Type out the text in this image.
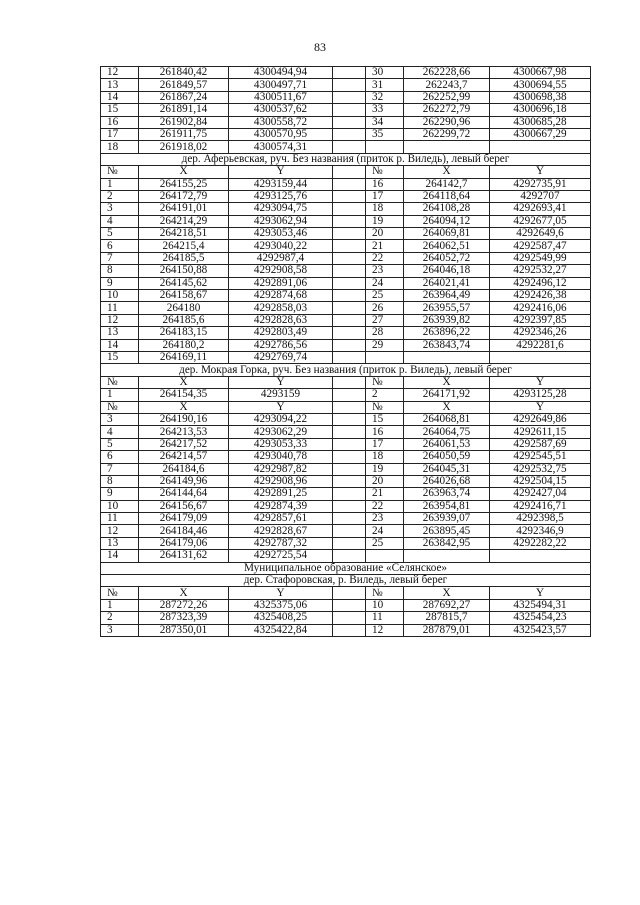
83
12	261840,42	4300494,94		30	262228,66	4300667,98
13	261849,57	4300497,71		31	262243,7	4300694,55
14	261867,24	4300511,67		32	262252,99	4300698,38
15	261891,14	4300537,62		33	262272,79	4300696,18
16	261902,84	4300558,72		34	262290,96	4300685,28
17	261911,75	4300570,95		35	262299,72	4300667,29
18	261918,02	4300574,31				
дер. Аферьевская, руч. Без названия (приток р. Виледь), левый берег						
№	X	Y		№	X	Y
1	264155,25	4293159,44		16	264142,7	4292735,91
2	264172,79	4293125,76		17	264118,64	4292707
3	264191,01	4293094,75		18	264108,28	4292693,41
4	264214,29	4293062,94		19	264094,12	4292677,05
5	264218,51	4293053,46		20	264069,81	4292649,6
6	264215,4	4293040,22		21	264062,51	4292587,47
7	264185,5	4292987,4		22	264052,72	4292549,99
8	264150,88	4292908,58		23	264046,18	4292532,27
9	264145,62	4292891,06		24	264021,41	4292496,12
10	264158,67	4292874,68		25	263964,49	4292426,38
11	264180	4292858,03		26	263955,57	4292416,06
12	264185,6	4292828,63		27	263939,82	4292397,85
13	264183,15	4292803,49		28	263896,22	4292346,26
14	264180,2	4292786,56		29	263843,74	4292281,6
15	264169,11	4292769,74				
дер. Мокрая Горка, руч. Без названия (приток р. Виледь), левый берег						
№	X	Y		№	X	Y
1	264154,35	4293159		2	264171,92	4293125,28
№	X	Y		№	X	Y
3	264190,16	4293094,22		15	264068,81	4292649,86
4	264213,53	4293062,29		16	264064,75	4292611,15
5	264217,52	4293053,33		17	264061,53	4292587,69
6	264214,57	4293040,78		18	264050,59	4292545,51
7	264184,6	4292987,82		19	264045,31	4292532,75
8	264149,96	4292908,96		20	264026,68	4292504,15
9	264144,64	4292891,25		21	263963,74	4292427,04
10	264156,67	4292874,39		22	263954,81	4292416,71
11	264179,09	4292857,61		23	263939,07	4292398,5
12	264184,46	4292828,67		24	263895,45	4292346,9
13	264179,06	4292787,32		25	263842,95	4292282,22
14	264131,62	4292725,54				
Муниципальное образование «Селянское»						
дер. Стафоровская, р. Виледь, левый берег						
№	X	Y		№	X	Y
1	287272,26	4325375,06		10	287692,27	4325494,31
2	287323,39	4325408,25		11	287815,7	4325454,23
3	287350,01	4325422,84		12	287879,01	4325423,57
